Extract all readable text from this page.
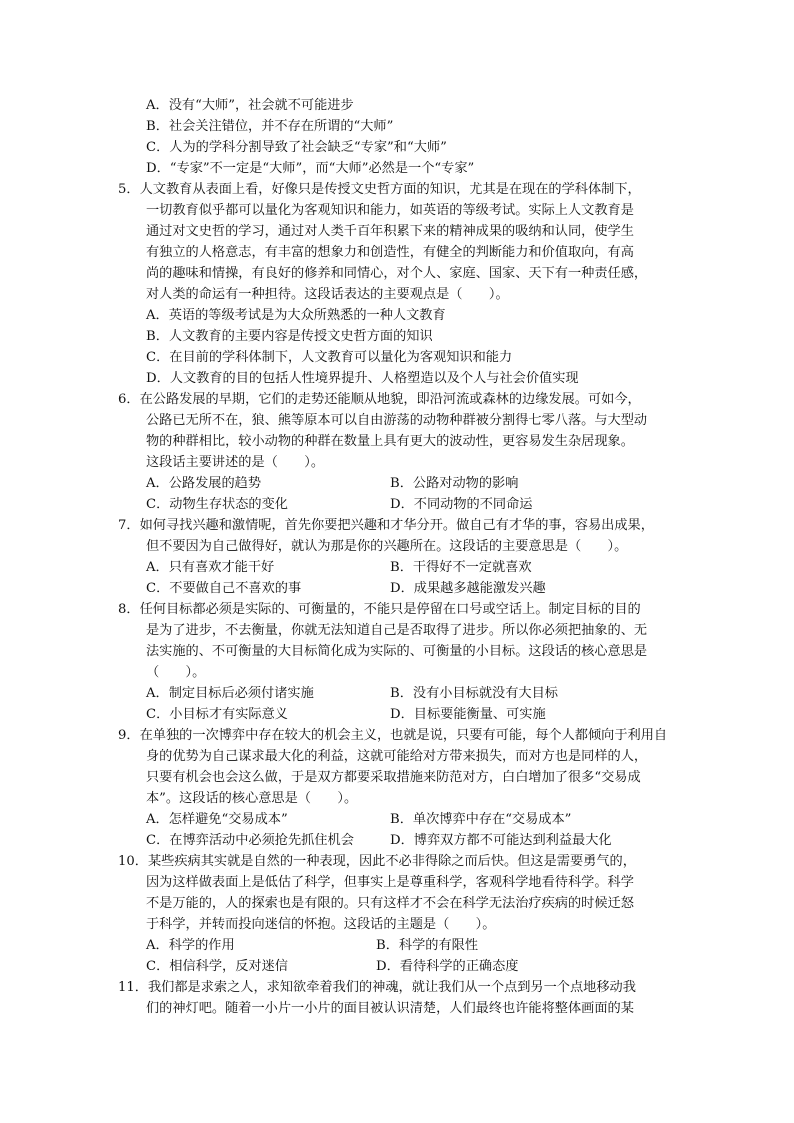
A．没有“大师”，社会就不可能进步
B．社会关注错位，并不存在所谓的“大师”
C．人为的学科分割导致了社会缺乏“专家”和“大师”
D．“专家”不一定是“大师”，而“大师”必然是一个“专家”
5．人文教育从表面上看，好像只是传授文史哲方面的知识，尤其是在现在的学科体制下，
一切教育似乎都可以量化为客观知识和能力，如英语的等级考试。实际上人文教育是
通过对文史哲的学习，通过对人类千百年积累下来的精神成果的吸纳和认同，使学生
有独立的人格意志，有丰富的想象力和创造性，有健全的判断能力和价值取向，有高
尚的趣味和情操，有良好的修养和同情心，对个人、家庭、国家、天下有一种责任感，
对人类的命运有一种担待。这段话表达的主要观点是（　　）。
A．英语的等级考试是为大众所熟悉的一种人文教育
B．人文教育的主要内容是传授文史哲方面的知识
C．在目前的学科体制下，人文教育可以量化为客观知识和能力
D．人文教育的目的包括人性境界提升、人格塑造以及个人与社会价值实现
6．在公路发展的早期，它们的走势还能顺从地貌，即沿河流或森林的边缘发展。可如今，
公路已无所不在，狼、熊等原本可以自由游荡的动物种群被分割得七零八落。与大型动
物的种群相比，较小动物的种群在数量上具有更大的波动性，更容易发生杂居现象。
这段话主要讲述的是（　　）。
A．公路发展的趋势	B．公路对动物的影响
C．动物生存状态的变化	D．不同动物的不同命运
7．如何寻找兴趣和激情呢，首先你要把兴趣和才华分开。做自己有才华的事，容易出成果，
但不要因为自己做得好，就认为那是你的兴趣所在。这段话的主要意思是（　　）。
A．只有喜欢才能干好	B．干得好不一定就喜欢
C．不要做自己不喜欢的事	D．成果越多越能激发兴趣
8．任何目标都必须是实际的、可衡量的，不能只是停留在口号或空话上。制定目标的目的
是为了进步，不去衡量，你就无法知道自己是否取得了进步。所以你必须把抽象的、无
法实施的、不可衡量的大目标简化成为实际的、可衡量的小目标。这段话的核心意思是
（　　）。
A．制定目标后必须付诸实施	B．没有小目标就没有大目标
C．小目标才有实际意义	D．目标要能衡量、可实施
9．在单独的一次博弈中存在较大的机会主义，也就是说，只要有可能，每个人都倾向于利用自
身的优势为自己谋求最大化的利益，这就可能给对方带来损失，而对方也是同样的人，
只要有机会也会这么做，于是双方都要采取措施来防范对方，白白增加了很多“交易成
本”。这段话的核心意思是（　　）。
A．怎样避免“交易成本”	B．单次博弈中存在“交易成本”
C．在博弈活动中必须抢先抓住机会	D．博弈双方都不可能达到利益最大化
10．某些疾病其实就是自然的一种表现，因此不必非得除之而后快。但这是需要勇气的，
因为这样做表面上是低估了科学，但事实上是尊重科学，客观科学地看待科学。科学
不是万能的，人的探索也是有限的。只有这样才不会在科学无法治疗疾病的时候迁怒
于科学，并转而投向迷信的怀抱。这段话的主题是（　　）。
A．科学的作用	B．科学的有限性
C．相信科学，反对迷信	D．看待科学的正确态度
11．我们都是求索之人，求知欲牵着我们的神魂，就让我们从一个点到另一个点地移动我
们的神灯吧。随着一小片一小片的面目被认识清楚，人们最终也许能将整体画面的某
